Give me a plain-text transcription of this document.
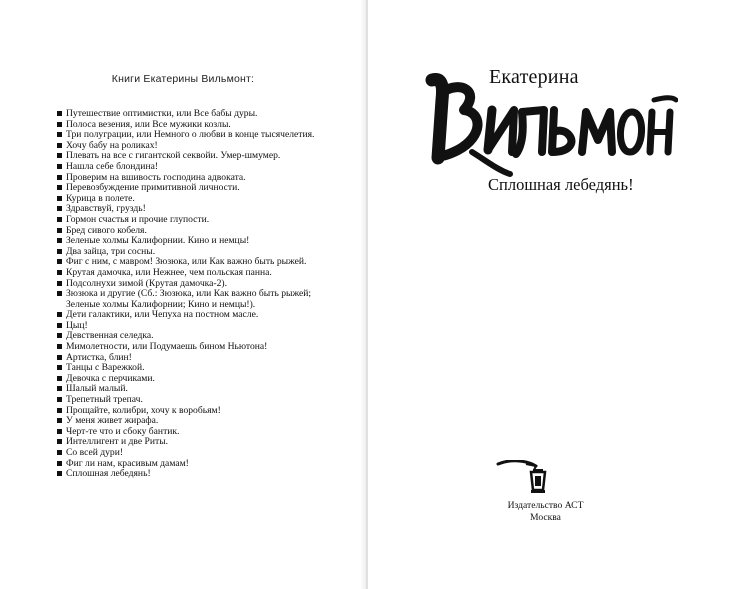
Книги Екатерины Вильмонт:
Путешествие оптимистки, или Все бабы дуры.
Полоса везения, или Все мужики козлы.
Три полуграции, или Немного о любви в конце тысячелетия.
Хочу бабу на роликах!
Плевать на все с гигантской секвойи. Умер-шмумер.
Нашла себе блондина!
Проверим на вшивость господина адвоката.
Перевозбуждение примитивной личности.
Курица в полете.
Здравствуй, груздь!
Гормон счастья и прочие глупости.
Бред сивого кобеля.
Зеленые холмы Калифорнии. Кино и немцы!
Два зайца, три сосны.
Фиг с ним, с мавром! Зюзюка, или Как важно быть рыжей.
Крутая дамочка, или Нежнее, чем польская панна.
Подсолнухи зимой (Крутая дамочка-2).
Зюзюка и другие (Сб.: Зюзюка, или Как важно быть рыжей;
Зеленые холмы Калифорнии; Кино и немцы!).
Дети галактики, или Чепуха на постном масле.
Цыц!
Девственная селедка.
Мимолетности, или Подумаешь бином Ньютона!
Артистка, блин!
Танцы с Варежкой.
Девочка с перчиками.
Шалый малый.
Трепетный трепач.
Прощайте, колибри, хочу к воробьям!
У меня живет жирафа.
Черт-те что и сбоку бантик.
Интеллигент и две Риты.
Со всей дури!
Фиг ли нам, красивым дамам!
Сплошная лебедянь!
Екатерина
Сплошная лебедянь!
Издательство АСТ
Москва
